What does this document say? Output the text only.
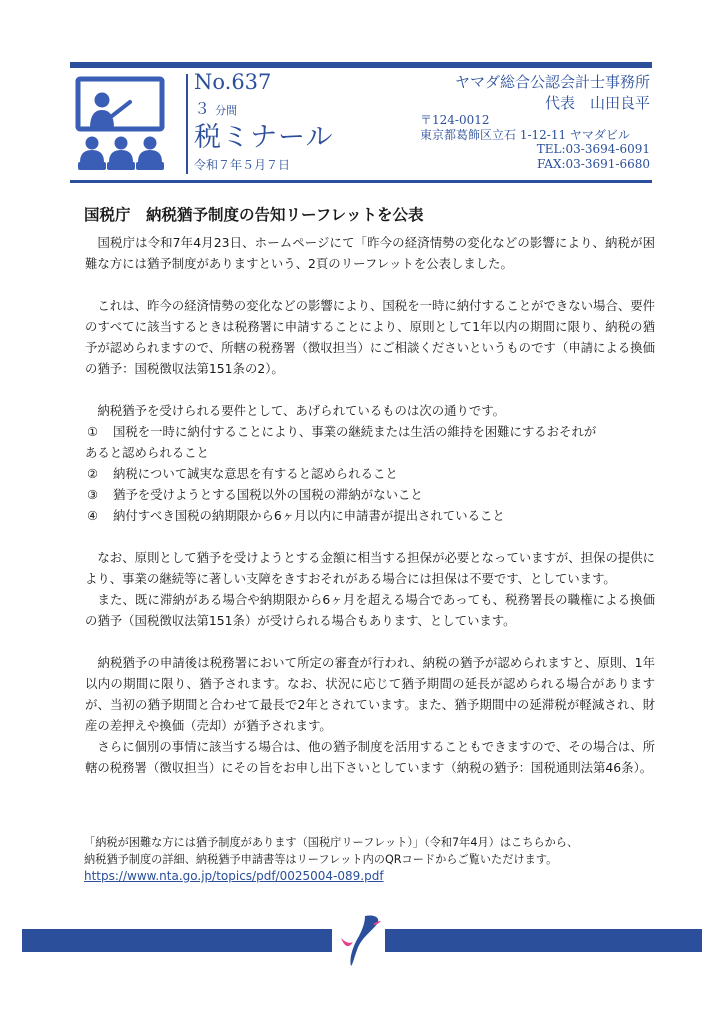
No.637
３ 分間
税ミナール
令和７年５月７日
ヤマダ総合公認会計士事務所
代表　山田良平
〒124-0012
東京都葛飾区立石 1-12-11 ヤマダビル
TEL:03-3694-6091
FAX:03-3691-6680
国税庁　納税猶予制度の告知リーフレットを公表

　国税庁は令和7年4月23日、ホームページにて「昨今の経済情勢の変化などの影響により、納税が困難な方には猶予制度がありますという、2頁のリーフレットを公表しました。

　これは、昨今の経済情勢の変化などの影響により、国税を一時に納付することができない場合、要件のすべてに該当するときは税務署に申請することにより、原則として1年以内の期間に限り、納税の猶予が認められますので、所轄の税務署（徴収担当）にご相談くださいというものです（申請による換価の猶予：国税徴収法第151条の2）。

　納税猶予を受けられる要件として、あげられているものは次の通りです。

①	国税を一時に納付することにより、事業の継続または生活の維持を困難にするおそれが
あると認められること
②	納税について誠実な意思を有すると認められること
③	猶予を受けようとする国税以外の国税の滞納がないこと
④	納付すべき国税の納期限から6ヶ月以内に申請書が提出されていること

　なお、原則として猶予を受けようとする金額に相当する担保が必要となっていますが、担保の提供により、事業の継続等に著しい支障をきすおそれがある場合には担保は不要です、としています。

　また、既に滞納がある場合や納期限から6ヶ月を超える場合であっても、税務署長の職権による換価の猶予（国税徴収法第151条）が受けられる場合もあります、としています。

　納税猶予の申請後は税務署において所定の審査が行われ、納税の猶予が認められますと、原則、1年以内の期間に限り、猶予されます。なお、状況に応じて猶予期間の延長が認められる場合がありますが、当初の猶予期間と合わせて最長で2年とされています。また、猶予期間中の延滞税が軽減され、財産の差押えや換価（売却）が猶予されます。

　さらに個別の事情に該当する場合は、他の猶予制度を活用することもできますので、その場合は、所轄の税務署（徴収担当）にその旨をお申し出下さいとしています（納税の猶予：国税通則法第46条）。

「納税が困難な方には猶予制度があります（国税庁リーフレット）」（令和7年4月）はこちらから、
納税猶予制度の詳細、納税猶予申請書等はリーフレット内のQRコードからご覧いただけます。
https://www.nta.go.jp/topics/pdf/0025004-089.pdf
